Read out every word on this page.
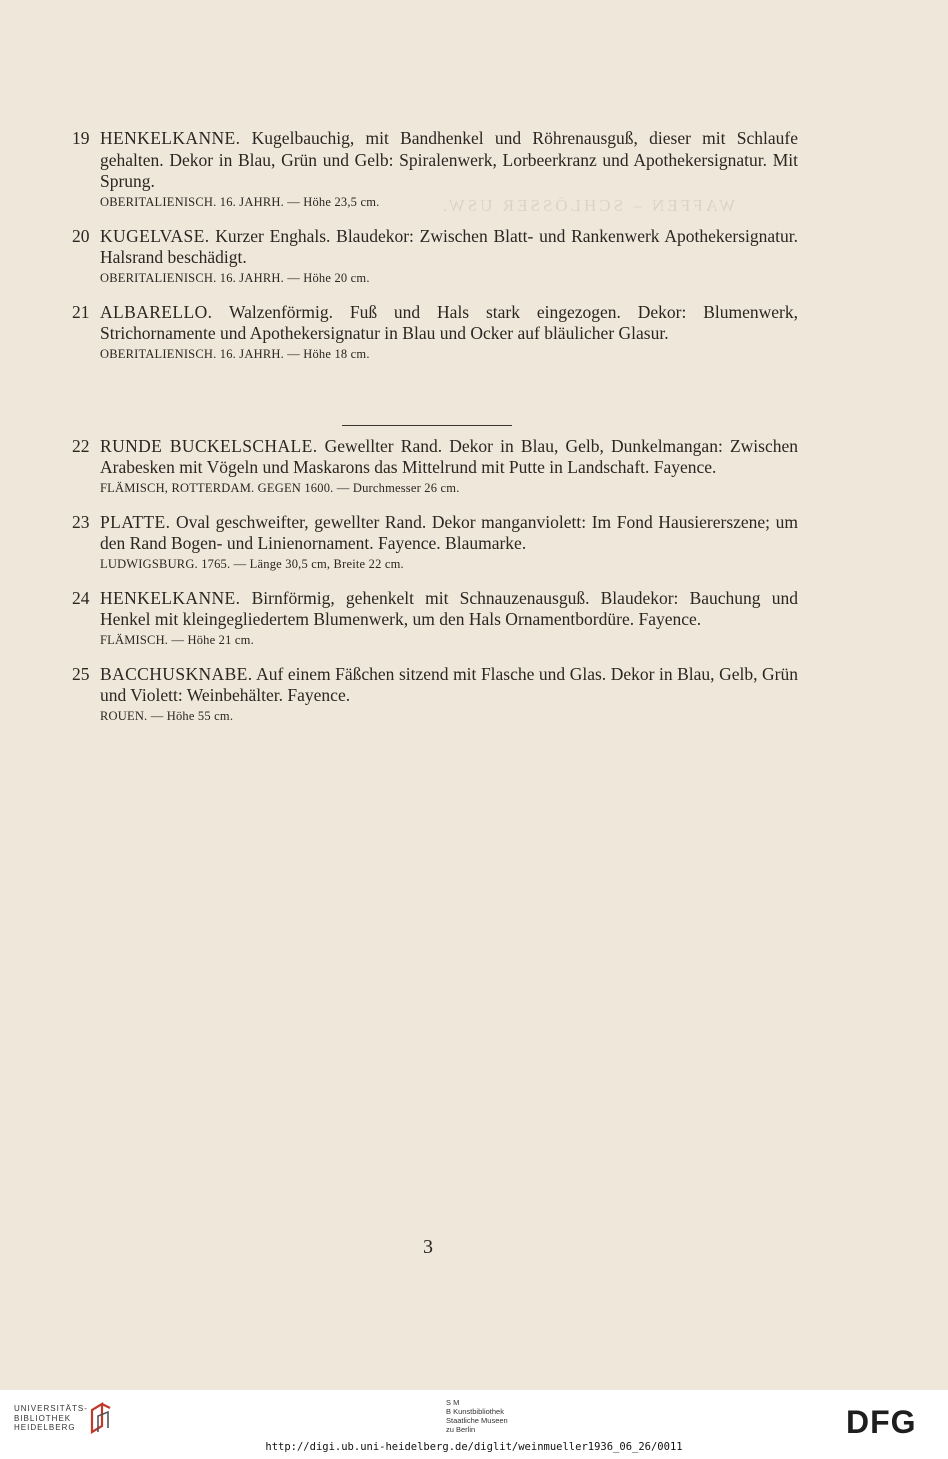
WAFFEN – SCHLÖSSER USW.
19 HENKELKANNE. Kugelbauchig, mit Bandhenkel und Röhrenausguß, dieser mit Schlaufe gehalten. Dekor in Blau, Grün und Gelb: Spiralenwerk, Lorbeerkranz und Apothekersignatur. Mit Sprung.
OBERITALIENISCH. 16. JAHRH. — Höhe 23,5 cm.
20 KUGELVASE. Kurzer Enghals. Blaudekor: Zwischen Blatt- und Rankenwerk Apothekersignatur. Halsrand beschädigt.
OBERITALIENISCH. 16. JAHRH. — Höhe 20 cm.
21 ALBARELLO. Walzenförmig. Fuß und Hals stark eingezogen. Dekor: Blumenwerk, Strichornamente und Apothekersignatur in Blau und Ocker auf bläulicher Glasur.
OBERITALIENISCH. 16. JAHRH. — Höhe 18 cm.
22 RUNDE BUCKELSCHALE. Gewellter Rand. Dekor in Blau, Gelb, Dunkelmangan: Zwischen Arabesken mit Vögeln und Maskarons das Mittelrund mit Putte in Landschaft. Fayence.
FLÄMISCH, ROTTERDAM. GEGEN 1600. — Durchmesser 26 cm.
23 PLATTE. Oval geschweifter, gewellter Rand. Dekor manganviolett: Im Fond Hausiererszene; um den Rand Bogen- und Linienornament. Fayence. Blaumarke.
LUDWIGSBURG. 1765. — Länge 30,5 cm, Breite 22 cm.
24 HENKELKANNE. Birnförmig, gehenkelt mit Schnauzenausguß. Blaudekor: Bauchung und Henkel mit kleingegliedertem Blumenwerk, um den Hals Ornamentbordüre. Fayence.
FLÄMISCH. — Höhe 21 cm.
25 BACCHUSKNABE. Auf einem Fäßchen sitzend mit Flasche und Glas. Dekor in Blau, Gelb, Grün und Violett: Weinbehälter. Fayence.
ROUEN. — Höhe 55 cm.
3
UNIVERSITÄTS-
BIBLIOTHEK
HEIDELBERG
S M
B Kunstbibliothek
Staatliche Museen
zu Berlin	DFG
http://digi.ub.uni-heidelberg.de/diglit/weinmueller1936_06_26/0011
